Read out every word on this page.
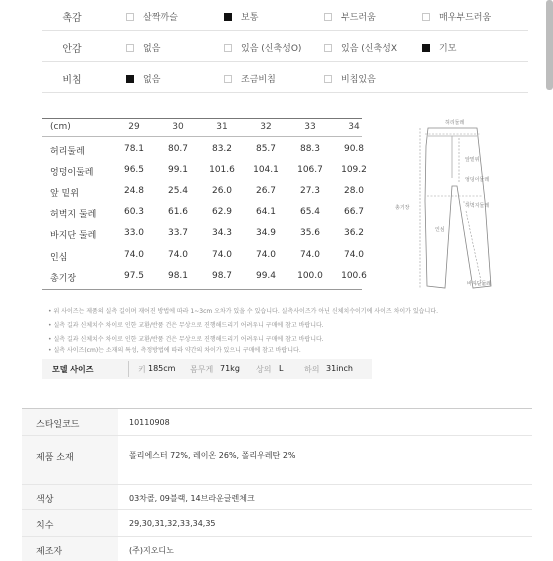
촉감	살짝까슬	보통	부드러움	매우부드러움
안감	없음	있음 (신축성O)	있음 (신축성X	기모
비침	없음	조금비침	비침있음
(cm)	29	30	31	32	33	34
허리둘레	78.1	80.7	83.2	85.7	88.3	90.8
엉덩이둘레	96.5	99.1	101.6	104.1	106.7	109.2
앞 밑위	24.8	25.4	26.0	26.7	27.3	28.0
허벅지 둘레	60.3	61.6	62.9	64.1	65.4	66.7
바지단 둘레	33.0	33.7	34.3	34.9	35.6	36.2
인심	74.0	74.0	74.0	74.0	74.0	74.0
총기장	97.5	98.1	98.7	99.4	100.0	100.6
허리둘레
앞밑위
엉덩이둘레
허벅지둘레
인심
총기장
바지단둘레
• 위 사이즈는 제품의 실측 길이며 재어진 방법에 따라 1~3cm 오차가 있을 수 있습니다. 실측사이즈가 아닌 신체치수이기에 사이즈 차이가 있습니다.
• 실측 길과 신체치수 차이로 인한 교환/반품 건은 무상으로 진행해드리기 어려우니 구매에 참고 바랍니다.
• 실측 길과 신체치수 차이로 인한 교환/반품 건은 무상으로 진행해드리기 어려우니 구매에 참고 바랍니다.
• 실측 사이즈(cm)는 소재의 특성, 측정방법에 따라 약간의 차이가 있으니 구매에 참고 바랍니다.
모델 사이즈	키 185cm 몸무게 71kg 상의 L	하의 31inch
스타일코드	10110908
제품 소재	폴리에스터 72%, 레이온 26%, 폴리우레탄 2%
색상	03차콜, 09블랙, 14브라운글렌체크
치수	29,30,31,32,33,34,35
제조자	(주)지오디노
